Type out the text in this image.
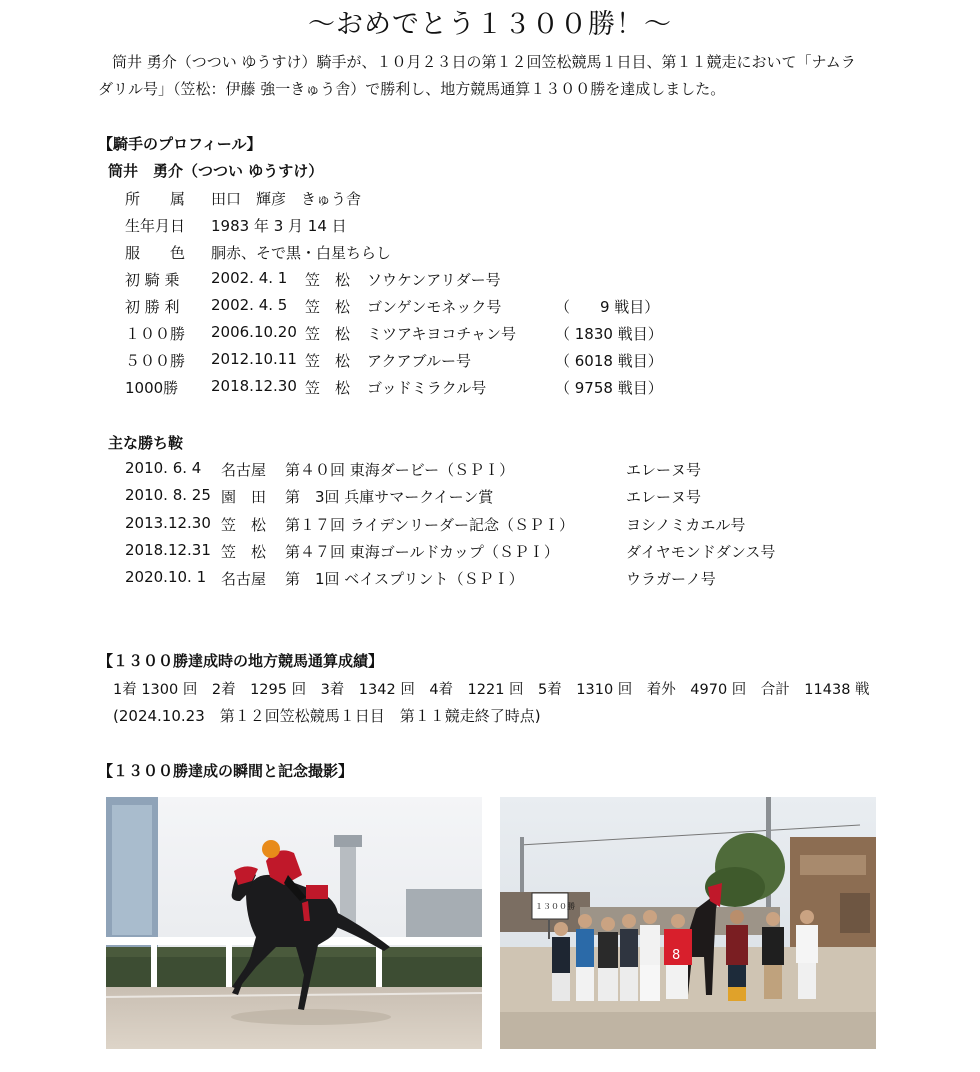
～おめでとう１３００勝！～
筒井 勇介（つつい ゆうすけ）騎手が、１０月２３日の第１２回笠松競馬１日目、第１１競走において「ナムラ
ダリル号」（笠松：伊藤 強一きゅう舎）で勝利し、地方競馬通算１３００勝を達成しました。
【騎手のプロフィール】
筒井　勇介（つつい ゆうすけ）
所　　属 田口　輝彦　きゅう舎
生年月日 1983 年 3 月 14 日
服　　色 胴赤、そで黒・白星ちらし
初 騎 乗 2002. 4. 1 笠　松 ソウケンアリダー号
初 勝 利 2002. 4. 5 笠　松 ゴンゲンモネック号	（　　9 戦目）
１００勝 2006.10.20 笠　松 ミツアキヨコチャン号	（ 1830 戦目）
５００勝 2012.10.11 笠　松 アクアブルー号	（ 6018 戦目）
1000勝 2018.12.30 笠　松 ゴッドミラクル号	（ 9758 戦目）
主な勝ち鞍
2010. 6. 4 名古屋 第４０回 東海ダービー（ＳＰＩ）	エレーヌ号
2010. 8. 25 園　田 第　3回 兵庫サマークイーン賞	エレーヌ号
2013.12.30 笠　松 第１７回 ライデンリーダー記念（ＳＰＩ）	ヨシノミカエル号
2018.12.31 笠　松 第４７回 東海ゴールドカップ（ＳＰＩ）	ダイヤモンドダンス号
2020.10. 1 名古屋 第　1回 ベイスプリント（ＳＰＩ）	ウラガーノ号
【１３００勝達成時の地方競馬通算成績】
1着 1300 回　2着　1295 回　3着　1342 回　4着　1221 回　5着　1310 回　着外　4970 回　合計　11438 戦
(2024.10.23　第１２回笠松競馬１日目　第１１競走終了時点)
【１３００勝達成の瞬間と記念撮影】
8
１３００勝
